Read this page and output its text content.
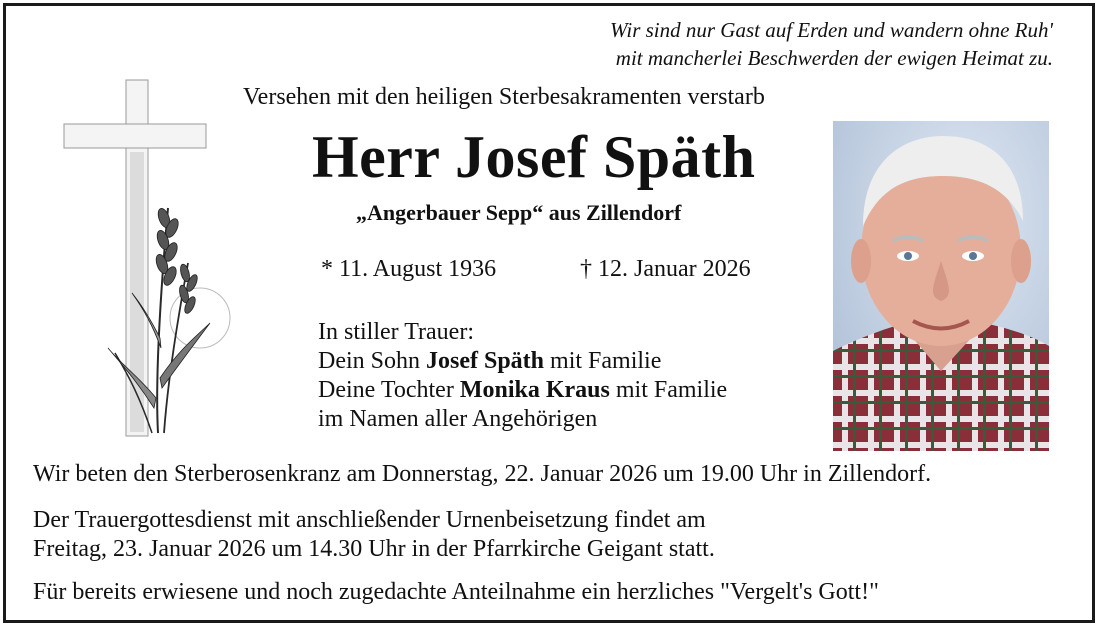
Wir sind nur Gast auf Erden und wandern ohne Ruh'
mit mancherlei Beschwerden der ewigen Heimat zu.
Versehen mit den heiligen Sterbesakramenten verstarb
Herr Josef Späth
„Angerbauer Sepp“ aus Zillendorf
* 11. August 1936	† 12. Januar 2026
In stiller Trauer:
Dein Sohn Josef Späth mit Familie
Deine Tochter Monika Kraus mit Familie
im Namen aller Angehörigen
Wir beten den Sterberosenkranz am Donnerstag, 22. Januar 2026 um 19.00 Uhr in Zillendorf.
Der Trauergottesdienst mit anschließender Urnenbeisetzung findet am
Freitag, 23. Januar 2026 um 14.30 Uhr in der Pfarrkirche Geigant statt.
Für bereits erwiesene und noch zugedachte Anteilnahme ein herzliches "Vergelt's Gott!"
